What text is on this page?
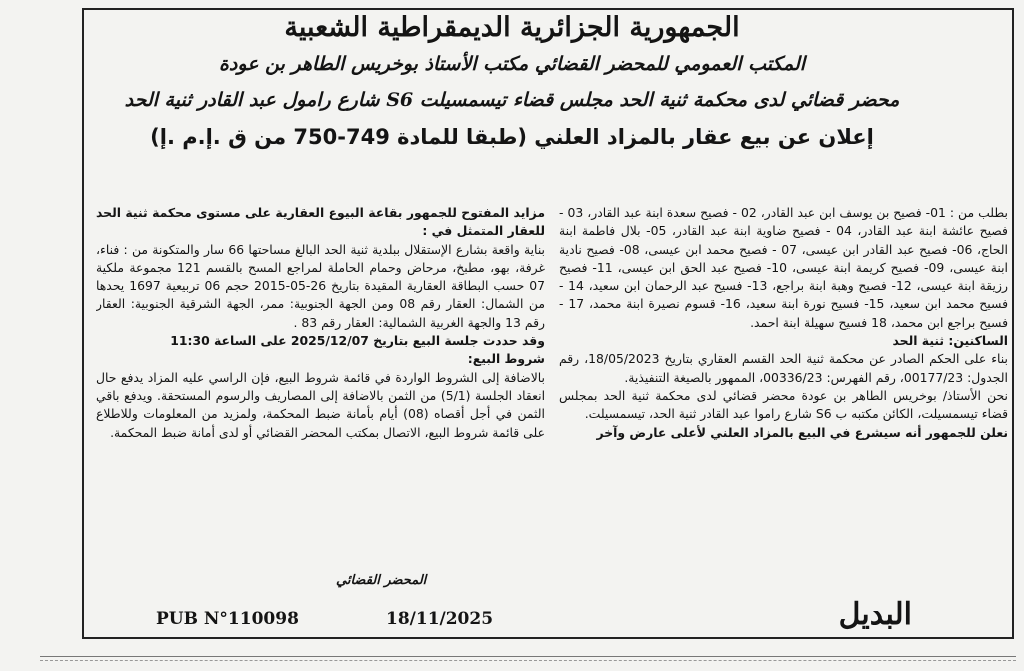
الجمهورية الجزائرية الديمقراطية الشعبية
المكتب العمومي للمحضر القضائي مكتب الأستاذ بوخريس الطاهر بن عودة
محضر قضائي لدى محكمة ثنية الحد مجلس قضاء تيسمسيلت S6 شارع رامول عبد القادر ثنية الحد
إعلان عن بيع عقار بالمزاد العلني (طبقا للمادة 749-750 من ق .إ.م .إ)

بطلب من : 01- فصيح بن يوسف ابن عبد القادر، 02 - فصيح سعدة ابنة عبد القادر، 03 - فصيح عائشة ابنة عبد القادر، 04 - فصيح ضاوية ابنة عبد القادر، 05- بلال فاطمة ابنة الحاج، 06- فصيح عبد القادر ابن عيسى، 07 - فصيح محمد ابن عيسى، 08- فصيح نادية ابنة عيسى، 09- فصيح كريمة ابنة عيسى، 10- فصيح عبد الحق ابن عيسى، 11- فصيح رزيقة ابنة عيسى، 12- فصيح وهبة ابنة براجع، 13- فسيح عبد الرحمان ابن سعيد، 14 - فسيح محمد ابن سعيد، 15- فسيح نورة ابنة سعيد، 16- قسوم نصيرة ابنة محمد، 17 - فسيح براجع ابن محمد، 18 فسيح سهيلة ابنة احمد.

الساكنين: ثنية الحد

بناء على الحكم الصادر عن محكمة ثنية الحد القسم العقاري بتاريخ 18/05/2023، رقم الجدول: 00177/23، رقم الفهرس: 00336/23، الممهور بالصيغة التنفيذية.

نحن الأستاذ/ بوخريس الطاهر بن عودة محضر قضائي لدى محكمة ثنية الحد بمجلس قضاء تيسمسيلت، الكائن مكتبه ب S6 شارع راموا عبد القادر ثنية الحد، تيسمسيلت.

نعلن للجمهور أنه سيشرع في البيع بالمزاد العلني لأعلى عارض وآخر

مزايد المفتوح للجمهور بقاعة البيوع العقارية على مستوى محكمة ثنية الحد للعقار المتمثل في :

بناية واقعة بشارع الإستقلال ببلدية ثنية الحد البالغ مساحتها 66 سار والمتكونة من : فناء، غرفة، بهو، مطبخ، مرحاض وحمام الحاملة لمراجع المسح بالقسم 121 مجموعة ملكية 07 حسب البطاقة العقارية المقيدة بتاريخ 26-05-2015 حجم 06 تربيعية 1697 يحدها من الشمال: العقار رقم 08 ومن الجهة الجنوبية: ممر، الجهة الشرقية الجنوبية: العقار رقم 13 والجهة الغربية الشمالية: العقار رقم 83 .

وقد حددت جلسة البيع بتاريخ 2025/12/07 على الساعة 11:30

شروط البيع:

بالاضافة إلى الشروط الواردة في قائمة شروط البيع، فإن الراسي عليه المزاد يدفع حال انعقاد الجلسة (5/1) من الثمن بالاضافة إلى المصاريف والرسوم المستحقة. ويدفع باقي الثمن في أجل أقصاه (08) أيام بأمانة ضبط المحكمة، ولمزيد من المعلومات وللاطلاع على قائمة شروط البيع، الاتصال بمكتب المحضر القضائي أو لدى أمانة ضبط المحكمة.

المحضر القضائي
PUB N°110098	18/11/2025	البديل
